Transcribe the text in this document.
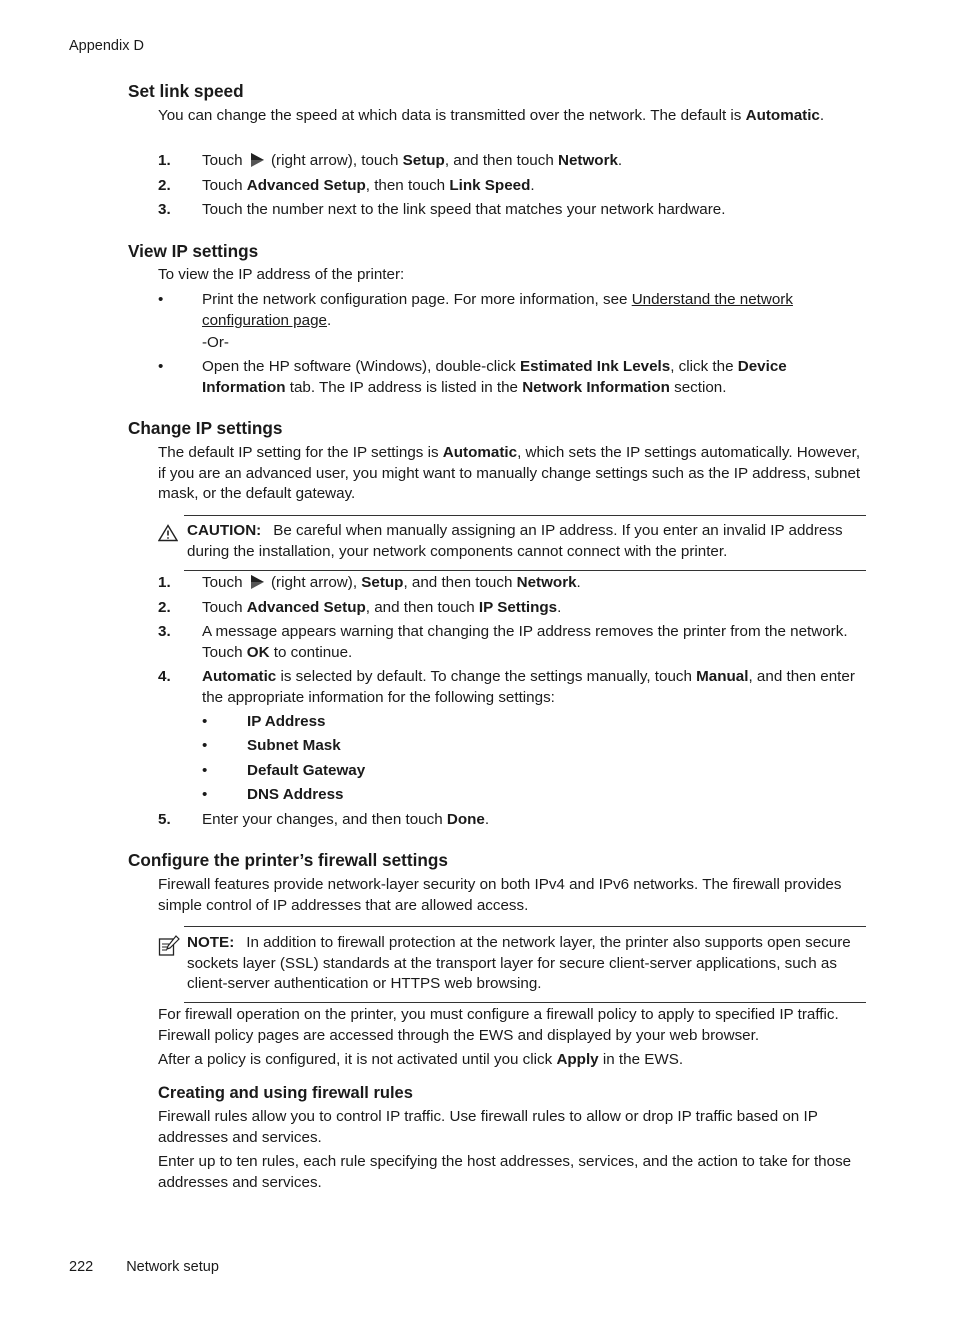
Appendix D
Set link speed

You can change the speed at which data is transmitted over the network. The default is Automatic.

1. Touch  (right arrow), touch Setup, and then touch Network.
2. Touch Advanced Setup, then touch Link Speed.
3. Touch the number next to the link speed that matches your network hardware.
View IP settings

To view the IP address of the printer:

•	Print the network configuration page. For more information, see Understand the network configuration page.
-Or-
•	Open the HP software (Windows), double-click Estimated Ink Levels, click the Device Information tab. The IP address is listed in the Network Information section.
Change IP settings

The default IP setting for the IP settings is Automatic, which sets the IP settings automatically. However, if you are an advanced user, you might want to manually change settings such as the IP address, subnet mask, or the default gateway.

CAUTION: Be careful when manually assigning an IP address. If you enter an invalid IP address during the installation, your network components cannot connect with the printer.
1. Touch  (right arrow), Setup, and then touch Network.
2. Touch Advanced Setup, and then touch IP Settings.
3. A message appears warning that changing the IP address removes the printer from the network. Touch OK to continue.
4. Automatic is selected by default. To change the settings manually, touch Manual, and then enter the appropriate information for the following settings:
•	IP Address
•	Subnet Mask
•	Default Gateway
•	DNS Address
5. Enter your changes, and then touch Done.
Configure the printer’s firewall settings

Firewall features provide network-layer security on both IPv4 and IPv6 networks. The firewall provides simple control of IP addresses that are allowed access.

NOTE: In addition to firewall protection at the network layer, the printer also supports open secure sockets layer (SSL) standards at the transport layer for secure client-server applications, such as client-server authentication or HTTPS web browsing.

For firewall operation on the printer, you must configure a firewall policy to apply to specified IP traffic. Firewall policy pages are accessed through the EWS and displayed by your web browser.

After a policy is configured, it is not activated until you click Apply in the EWS.

Creating and using firewall rules

Firewall rules allow you to control IP traffic. Use firewall rules to allow or drop IP traffic based on IP addresses and services.

Enter up to ten rules, each rule specifying the host addresses, services, and the action to take for those addresses and services.

222 Network setup
